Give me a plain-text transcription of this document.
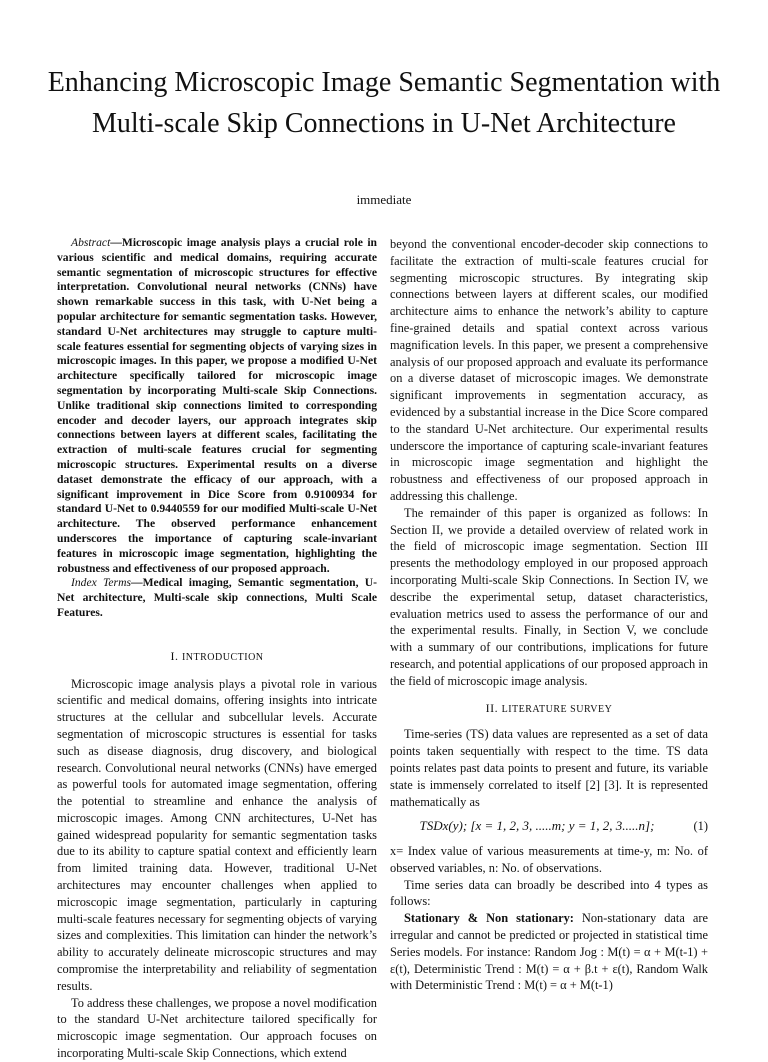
Enhancing Microscopic Image Semantic Segmentation with Multi-scale Skip Connections in U-Net Architecture
immediate

Abstract—Microscopic image analysis plays a crucial role in various scientific and medical domains, requiring accurate semantic segmentation of microscopic structures for effective interpretation. Convolutional neural networks (CNNs) have shown remarkable success in this task, with U-Net being a popular architecture for semantic segmentation tasks. However, standard U-Net architectures may struggle to capture multi-scale features essential for segmenting objects of varying sizes in microscopic images. In this paper, we propose a modified U-Net architecture specifically tailored for microscopic image segmentation by incorporating Multi-scale Skip Connections. Unlike traditional skip connections limited to corresponding encoder and decoder layers, our approach integrates skip connections between layers at different scales, facilitating the extraction of multi-scale features crucial for segmenting microscopic structures. Experimental results on a diverse dataset demonstrate the efficacy of our approach, with a significant improvement in Dice Score from 0.9100934 for standard U-Net to 0.9440559 for our modified Multi-scale U-Net architecture. The observed performance enhancement underscores the importance of capturing scale-invariant features in microscopic image segmentation, highlighting the robustness and effectiveness of our proposed approach.

Index Terms—Medical imaging, Semantic segmentation, U-Net architecture, Multi-scale skip connections, Multi Scale Features.

I. INTRODUCTION

Microscopic image analysis plays a pivotal role in various scientific and medical domains, offering insights into intricate structures at the cellular and subcellular levels. Accurate segmentation of microscopic structures is essential for tasks such as disease diagnosis, drug discovery, and biological research. Convolutional neural networks (CNNs) have emerged as powerful tools for automated image segmentation, offering the potential to streamline and enhance the analysis of microscopic images. Among CNN architectures, U-Net has gained widespread popularity for semantic segmentation tasks due to its ability to capture spatial context and efficiently learn from limited training data. However, traditional U-Net architectures may encounter challenges when applied to microscopic image segmentation, particularly in capturing multi-scale features necessary for segmenting objects of varying sizes and complexities. This limitation can hinder the network’s ability to accurately delineate microscopic structures and may compromise the interpretability and reliability of segmentation results.

To address these challenges, we propose a novel modification to the standard U-Net architecture tailored specifically for microscopic image segmentation. Our approach focuses on incorporating Multi-scale Skip Connections, which extend

beyond the conventional encoder-decoder skip connections to facilitate the extraction of multi-scale features crucial for segmenting microscopic structures. By integrating skip connections between layers at different scales, our modified architecture aims to enhance the network’s ability to capture fine-grained details and spatial context across various magnification levels. In this paper, we present a comprehensive analysis of our proposed approach and evaluate its performance on a diverse dataset of microscopic images. We demonstrate significant improvements in segmentation accuracy, as evidenced by a substantial increase in the Dice Score compared to the standard U-Net architecture. Our experimental results underscore the importance of capturing scale-invariant features in microscopic image segmentation and highlight the robustness and effectiveness of our proposed approach in addressing this challenge.

The remainder of this paper is organized as follows: In Section II, we provide a detailed overview of related work in the field of microscopic image segmentation. Section III presents the methodology employed in our proposed approach incorporating Multi-scale Skip Connections. In Section IV, we describe the experimental setup, dataset characteristics, evaluation metrics used to assess the performance of our and the experimental results. Finally, in Section V, we conclude with a summary of our contributions, implications for future research, and potential applications of our proposed approach in the field of microscopic image analysis.

II. LITERATURE SURVEY

Time-series (TS) data values are represented as a set of data points taken sequentially with respect to the time. TS data points relates past data points to present and future, its variable state is immensely correlated to itself [2] [3]. It is represented mathematically as

TSDx(y); [x = 1, 2, 3, .....m; y = 1, 2, 3.....n];	(1)

x= Index value of various measurements at time-y, m: No. of observed variables, n: No. of observations.

Time series data can broadly be described into 4 types as follows:

Stationary & Non stationary: Non-stationary data are irregular and cannot be predicted or projected in statistical time Series models. For instance: Random Jog : M(t) = α + M(t-1) + ε(t), Deterministic Trend : M(t) = α + β.t + ε(t), Random Walk with Deterministic Trend : M(t) = α + M(t-1)
